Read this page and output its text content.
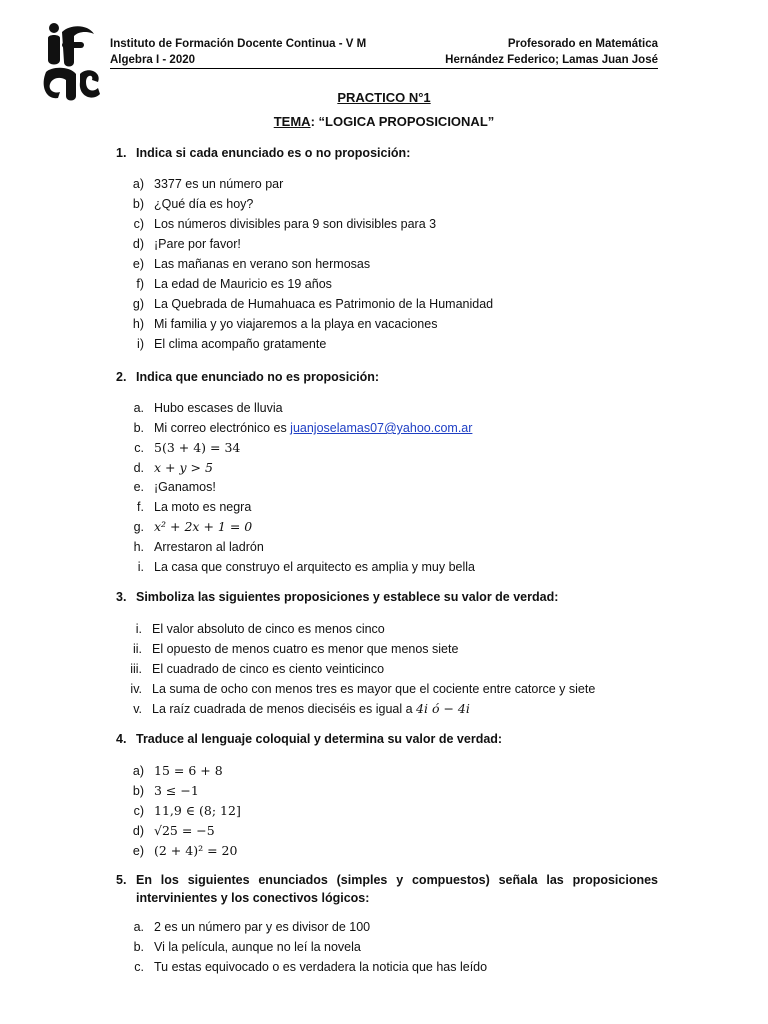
Instituto de Formación Docente Continua - V M
Algebra I - 2020
Profesorado en Matemática
Hernández Federico; Lamas Juan José
PRACTICO N°1
TEMA: “LOGICA PROPOSICIONAL”
1. Indica si cada enunciado es o no proposición:
a) 3377 es un número par
b) ¿Qué día es hoy?
c) Los números divisibles para 9 son divisibles para 3
d) ¡Pare por favor!
e) Las mañanas en verano son hermosas
f) La edad de Mauricio es 19 años
g) La Quebrada de Humahuaca es Patrimonio de la Humanidad
h) Mi familia y yo viajaremos a la playa en vacaciones
i) El clima acompaño gratamente
2. Indica que enunciado no es proposición:
a. Hubo escases de lluvia
b. Mi correo electrónico es juanjoselamas07@yahoo.com.ar
c. 5(3 + 4) = 34
d. x + y > 5
e. ¡Ganamos!
f. La moto es negra
g. x² + 2x + 1 = 0
h. Arrestaron al ladrón
i. La casa que construyo el arquitecto es amplia y muy bella
3. Simboliza las siguientes proposiciones y establece su valor de verdad:
i. El valor absoluto de cinco es menos cinco
ii. El opuesto de menos cuatro es menor que menos siete
iii. El cuadrado de cinco es ciento veinticinco
iv. La suma de ocho con menos tres es mayor que el cociente entre catorce y siete
v. La raíz cuadrada de menos dieciséis es igual a 4i ó − 4i
4. Traduce al lenguaje coloquial y determina su valor de verdad:
a) 15 = 6 + 8
b) 3 ≤ −1
c) 11,9 ∈ (8; 12]
d) √25 = −5
e) (2 + 4)² = 20
5. En los siguientes enunciados (simples y compuestos) señala las proposiciones intervinientes y los conectivos lógicos:
a. 2 es un número par y es divisor de 100
b. Vi la película, aunque no leí la novela
c. Tu estas equivocado o es verdadera la noticia que has leído
